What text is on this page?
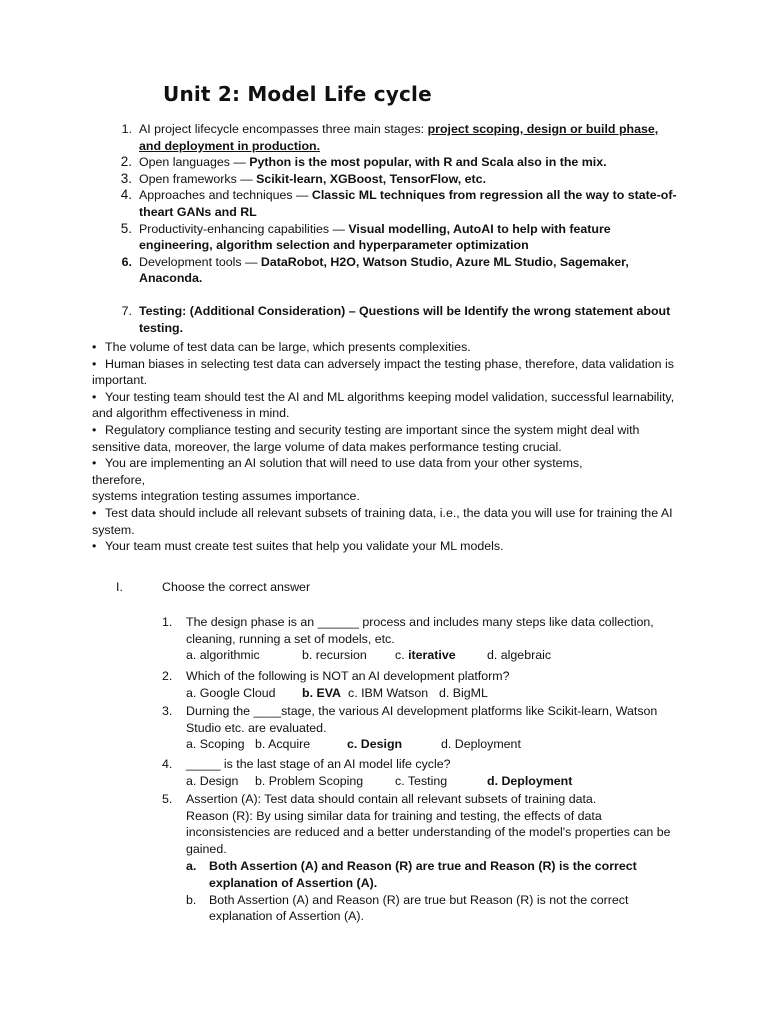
Unit 2: Model Life cycle
1. AI project lifecycle encompasses three main stages: project scoping, design or build phase, and deployment in production.
2. Open languages — Python is the most popular, with R and Scala also in the mix.
3. Open frameworks — Scikit-learn, XGBoost, TensorFlow, etc.
4. Approaches and techniques — Classic ML techniques from regression all the way to state-of-theart GANs and RL
5. Productivity-enhancing capabilities — Visual modelling, AutoAI to help with feature engineering, algorithm selection and hyperparameter optimization
6. Development tools — DataRobot, H2O, Watson Studio, Azure ML Studio, Sagemaker, Anaconda.
7. Testing: (Additional Consideration) – Questions will be Identify the wrong statement about testing.
• The volume of test data can be large, which presents complexities.
• Human biases in selecting test data can adversely impact the testing phase, therefore, data validation is important.
• Your testing team should test the AI and ML algorithms keeping model validation, successful learnability, and algorithm effectiveness in mind.
• Regulatory compliance testing and security testing are important since the system might deal with sensitive data, moreover, the large volume of data makes performance testing crucial.
• You are implementing an AI solution that will need to use data from your other systems, therefore,
systems integration testing assumes importance.
• Test data should include all relevant subsets of training data, i.e., the data you will use for training the AI system.
• Your team must create test suites that help you validate your ML models.
I.	Choose the correct answer
1. The design phase is an ______ process and includes many steps like data collection, cleaning, running a set of models, etc.
a. algorithmic	b. recursion c. iterative	d. algebraic
2. Which of the following is NOT an AI development platform?
a. Google Cloud b. EVA c. IBM Watson d. BigML
3. Durning the ____stage, the various AI development platforms like Scikit-learn, Watson Studio etc. are evaluated.
a. Scoping b. Acquire	c. Design	d. Deployment
4. _____ is the last stage of an AI model life cycle?
a. Design b. Problem Scoping	c. Testing	d. Deployment
5. Assertion (A): Test data should contain all relevant subsets of training data.
Reason (R): By using similar data for training and testing, the effects of data inconsistencies are reduced and a better understanding of the model's properties can be gained.
a. Both Assertion (A) and Reason (R) are true and Reason (R) is the correct explanation of Assertion (A).
b. Both Assertion (A) and Reason (R) are true but Reason (R) is not the correct explanation of Assertion (A).
